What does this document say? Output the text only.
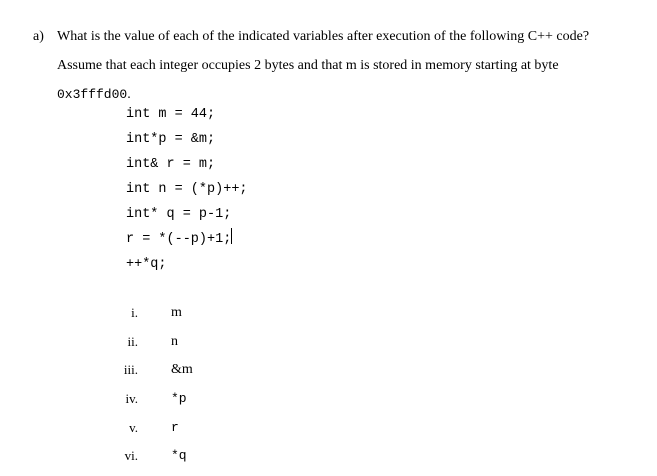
a) What is the value of each of the indicated variables after execution of the following C++ code? Assume that each integer occupies 2 bytes and that m is stored in memory starting at byte 0x3fffd00.
int m = 44;
int*p = &m;
int& r = m;
int n = (*p)++;
int* q = p-1;
r = *(--p)+1;
++*q;
i. m
ii. n
iii. &m
iv.	*p
v.	r
vi.	*q
